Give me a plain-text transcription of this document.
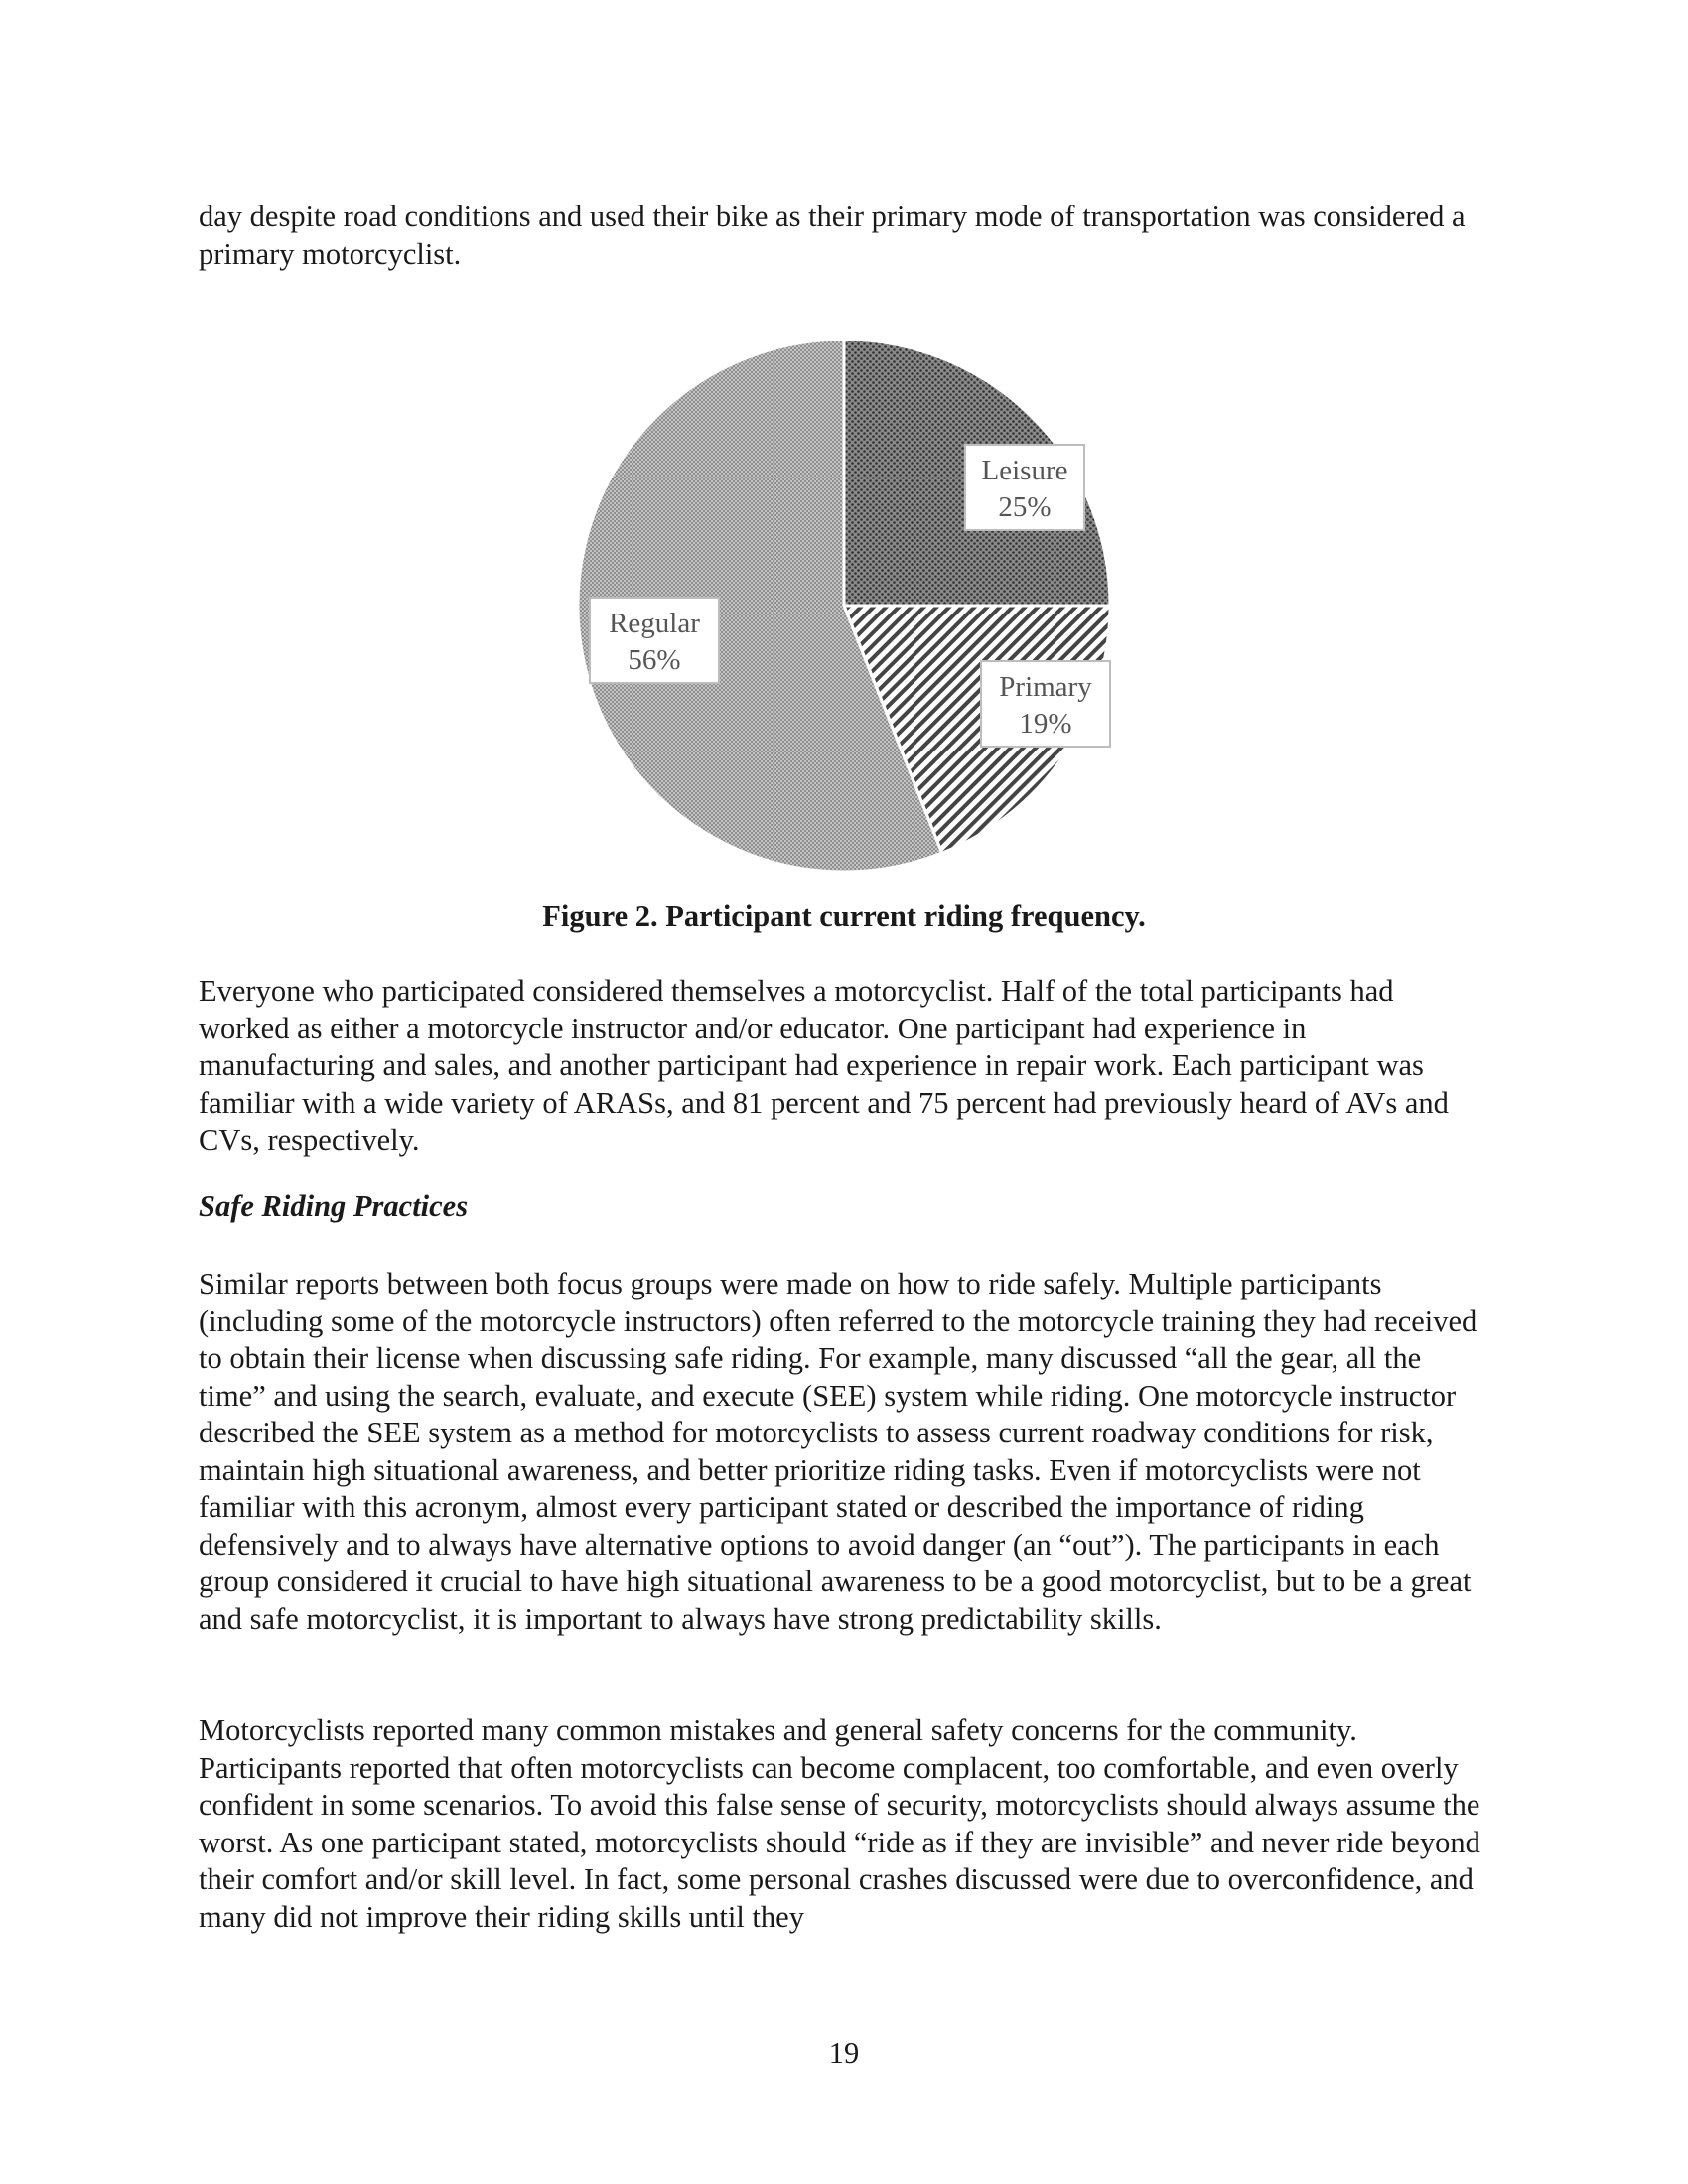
day despite road conditions and used their bike as their primary mode of transportation was considered a primary motorcyclist.

Leisure
25%
Primary
19%
Regular
56%

Figure 2. Participant current riding frequency.

Everyone who participated considered themselves a motorcyclist. Half of the total participants had worked as either a motorcycle instructor and/or educator. One participant had experience in manufacturing and sales, and another participant had experience in repair work. Each participant was familiar with a wide variety of ARASs, and 81 percent and 75 percent had previously heard of AVs and CVs, respectively.

Safe Riding Practices

Similar reports between both focus groups were made on how to ride safely. Multiple participants (including some of the motorcycle instructors) often referred to the motorcycle training they had received to obtain their license when discussing safe riding. For example, many discussed “all the gear, all the time” and using the search, evaluate, and execute (SEE) system while riding. One motorcycle instructor described the SEE system as a method for motorcyclists to assess current roadway conditions for risk, maintain high situational awareness, and better prioritize riding tasks. Even if motorcyclists were not familiar with this acronym, almost every participant stated or described the importance of riding defensively and to always have alternative options to avoid danger (an “out”). The participants in each group considered it crucial to have high situational awareness to be a good motorcyclist, but to be a great and safe motorcyclist, it is important to always have strong predictability skills.

Motorcyclists reported many common mistakes and general safety concerns for the community. Participants reported that often motorcyclists can become complacent, too comfortable, and even overly confident in some scenarios. To avoid this false sense of security, motorcyclists should always assume the worst. As one participant stated, motorcyclists should “ride as if they are invisible” and never ride beyond their comfort and/or skill level. In fact, some personal crashes discussed were due to overconfidence, and many did not improve their riding skills until they

19
